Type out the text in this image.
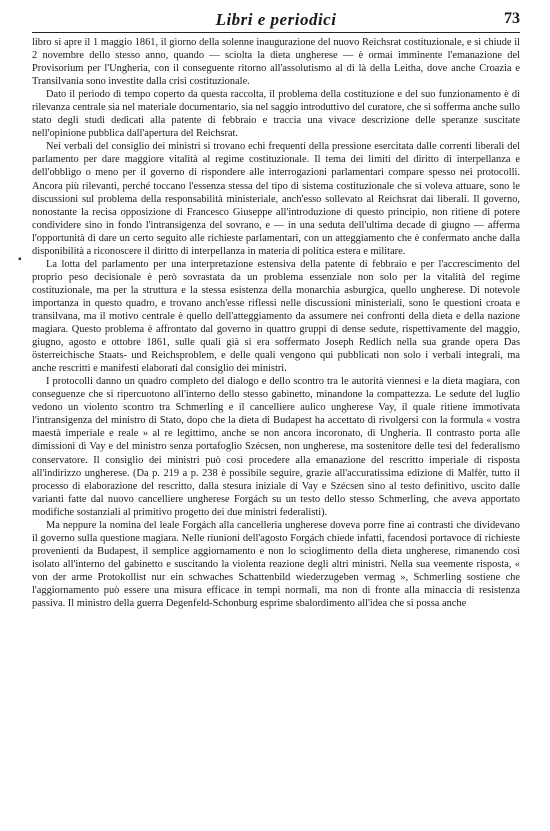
Libri e periodici	73
▪

libro si apre il 1 maggio 1861, il giorno della solenne inaugurazione del nuovo Reichsrat costituzionale, e si chiude il 2 novembre dello stesso anno, quando — sciolta la dieta ungherese — è ormai imminente l'emanazione del Provisorium per l'Ungheria, con il conseguente ritorno all'assolutismo al di là della Leitha, dove anche Croazia e Transilvania sono investite dalla crisi costituzionale.

Dato il periodo di tempo coperto da questa raccolta, il problema della costituzione e del suo funzionamento è di rilevanza centrale sia nel materiale documentario, sia nel saggio introduttivo del curatore, che si sofferma anche sullo stato degli studi dedicati alla patente di febbraio e traccia una vivace descrizione delle speranze suscitate nell'opinione pubblica dall'apertura del Reichsrat.

Nei verbali del consiglio dei ministri si trovano echi frequenti della pressione esercitata dalle correnti liberali del parlamento per dare maggiore vitalità al regime costituzionale. Il tema dei limiti del diritto di interpellanza e dell'obbligo o meno per il governo di rispondere alle interrogazioni parlamentari compare spesso nei protocolli. Ancora più rilevanti, perché toccano l'essenza stessa del tipo di sistema costituzionale che si voleva attuare, sono le discussioni sul problema della responsabilità ministeriale, anch'esso sollevato al Reichsrat dai liberali. Il governo, nonostante la recisa opposizione di Francesco Giuseppe all'introduzione di questo principio, non ritiene di potere condividere sino in fondo l'intransigenza del sovrano, e — in una seduta dell'ultima decade di giugno — afferma l'opportunità di dare un certo seguito alle richieste parlamentari, con un atteggiamento che è confermato anche dalla disponibilità a riconoscere il diritto di interpellanza in materia di politica estera e militare.

La lotta del parlamento per una interpretazione estensiva della patente di febbraio e per l'accrescimento del proprio peso decisionale è però sovrastata da un problema essenziale non solo per la vitalità del regime costituzionale, ma per la struttura e la stessa esistenza della monarchia asburgica, quello ungherese. Di notevole importanza in questo quadro, e trovano anch'esse riflessi nelle discussioni ministeriali, sono le questioni croata e transilvana, ma il motivo centrale è quello dell'atteggiamento da assumere nei confronti della dieta e della nazione magiara. Questo problema è affrontato dal governo in quattro gruppi di dense sedute, rispettivamente del maggio, giugno, agosto e ottobre 1861, sulle quali già si era soffermato Joseph Redlich nella sua grande opera Das österreichische Staats- und Reichsproblem, e delle quali vengono qui pubblicati non solo i verbali integrali, ma anche rescritti e manifesti elaborati dal consiglio dei ministri.

I protocolli danno un quadro completo del dialogo e dello scontro tra le autorità viennesi e la dieta magiara, con conseguenze che si ripercuotono all'interno dello stesso gabinetto, minandone la compattezza. Le sedute del luglio vedono un violento scontro tra Schmerling e il cancelliere aulico ungherese Vay, il quale ritiene immotivata l'intransigenza del ministro di Stato, dopo che la dieta di Budapest ha accettato di rivolgersi con la formula « vostra maestà imperiale e reale » al re legittimo, anche se non ancora incoronato, di Ungheria. Il contrasto porta alle dimissioni di Vay e del ministro senza portafoglio Szécsen, non ungherese, ma sostenitore delle tesi del federalismo conservatore. Il consiglio dei ministri può così procedere alla emanazione del rescritto imperiale di risposta all'indirizzo ungherese. (Da p. 219 a p. 238 è possibile seguire, grazie all'accuratissima edizione di Malfèr, tutto il processo di elaborazione del rescritto, dalla stesura iniziale di Vay e Szécsen sino al testo definitivo, uscito dalle varianti fatte dal nuovo cancelliere ungherese Forgách su un testo dello stesso Schmerling, che aveva apportato modifiche sostanziali al primitivo progetto dei due ministri federalisti).

Ma neppure la nomina del leale Forgách alla cancelleria ungherese doveva porre fine ai contrasti che dividevano il governo sulla questione magiara. Nelle riunioni dell'agosto Forgách chiede infatti, facendosi portavoce di richieste provenienti da Budapest, il semplice aggiornamento e non lo scioglimento della dieta ungherese, rimanendo così isolato all'interno del gabinetto e suscitando la violenta reazione degli altri ministri. Nella sua veemente risposta, « von der arme Protokollist nur ein schwaches Schattenbild wiederzugeben vermag », Schmerling sostiene che l'aggiornamento può essere una misura efficace in tempi normali, ma non di fronte alla minaccia di resistenza passiva. Il ministro della guerra Degenfeld-Schonburg esprime sbalordimento all'idea che si possa anche
